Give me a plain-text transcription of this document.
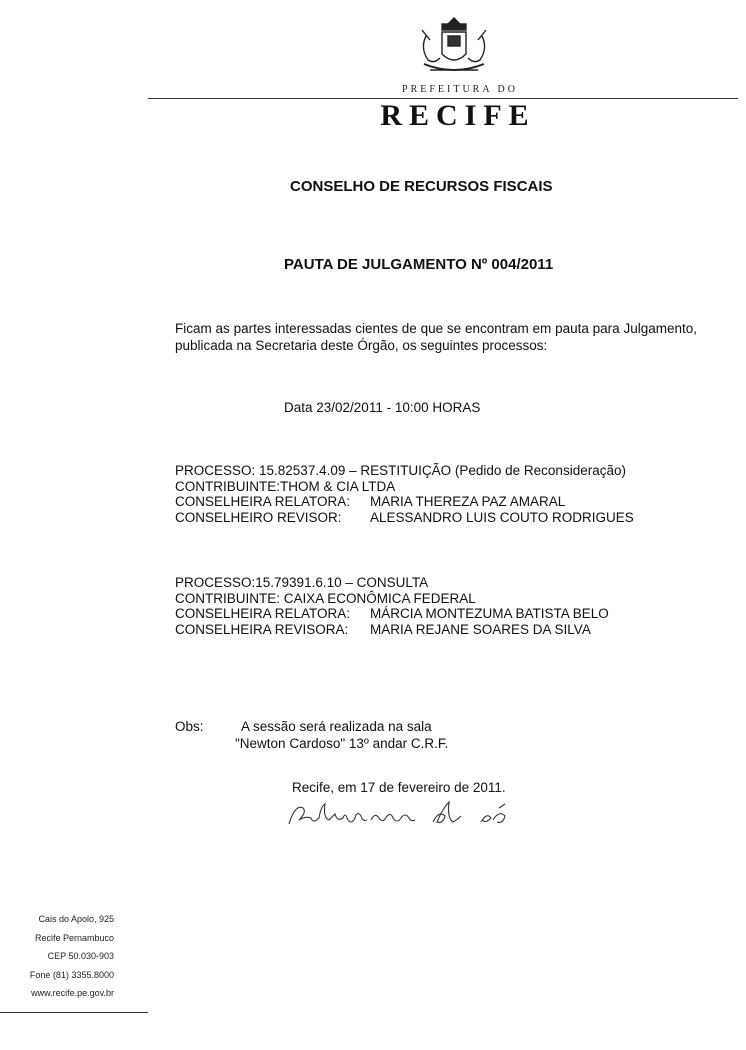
PREFEITURA DO
RECIFE
CONSELHO DE RECURSOS FISCAIS
PAUTA DE JULGAMENTO Nº 004/2011
Ficam as partes interessadas cientes de que se encontram em pauta para Julgamento, publicada na Secretaria deste Órgão, os seguintes processos:
Data 23/02/2011 - 10:00 HORAS
PROCESSO: 15.82537.4.09 – RESTITUIÇÃO (Pedido de Reconsideração)
CONTRIBUINTE:THOM & CIA LTDA
CONSELHEIRA RELATORA:	MARIA THEREZA PAZ AMARAL
CONSELHEIRO REVISOR:	ALESSANDRO LUIS COUTO RODRIGUES
PROCESSO:15.79391.6.10 – CONSULTA
CONTRIBUINTE: CAIXA ECONÔMICA FEDERAL
CONSELHEIRA RELATORA:	MÁRCIA MONTEZUMA BATISTA BELO
CONSELHEIRA REVISORA:	MARIA REJANE SOARES DA SILVA
Obs:	A sessão será realizada na sala
"Newton Cardoso" 13º andar C.R.F.
Recife, em 17 de fevereiro de 2011.
Cais do Apolo, 925
Recife Pernambuco
CEP 50.030-903
Fone (81) 3355.8000
www.recife.pe.gov.br
